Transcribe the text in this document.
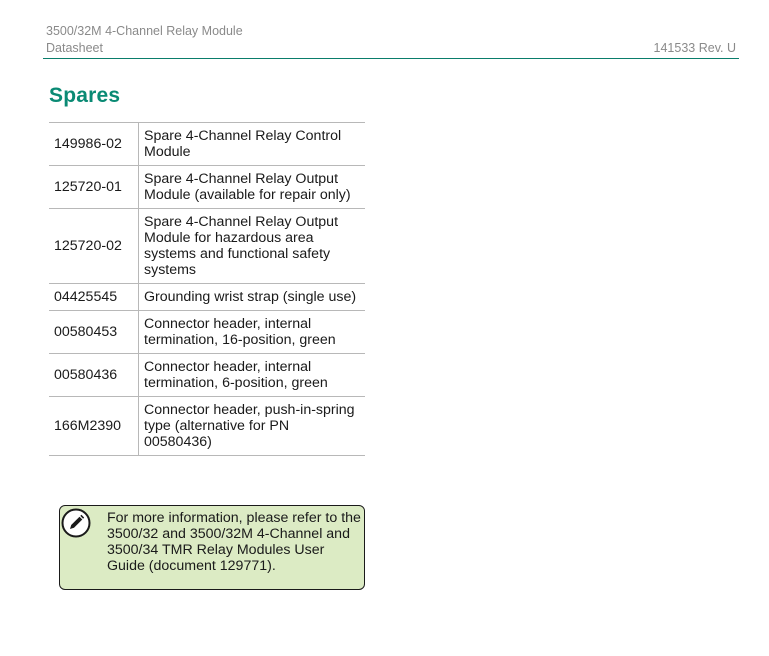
3500/32M 4-Channel Relay Module
Datasheet	141533 Rev. U
Spares
149986-02	Spare 4-Channel Relay Control Module
125720-01	Spare 4-Channel Relay Output Module (available for repair only)
125720-02	Spare 4-Channel Relay Output Module for hazardous area systems and functional safety systems
04425545	Grounding wrist strap (single use)
00580453	Connector header, internal termination, 16-position, green
00580436	Connector header, internal termination, 6-position, green
166M2390	Connector header, push-in-spring type (alternative for PN 00580436)
For more information, please refer to the 3500/32 and 3500/32M 4-Channel and 3500/34 TMR Relay Modules User Guide (document 129771).
